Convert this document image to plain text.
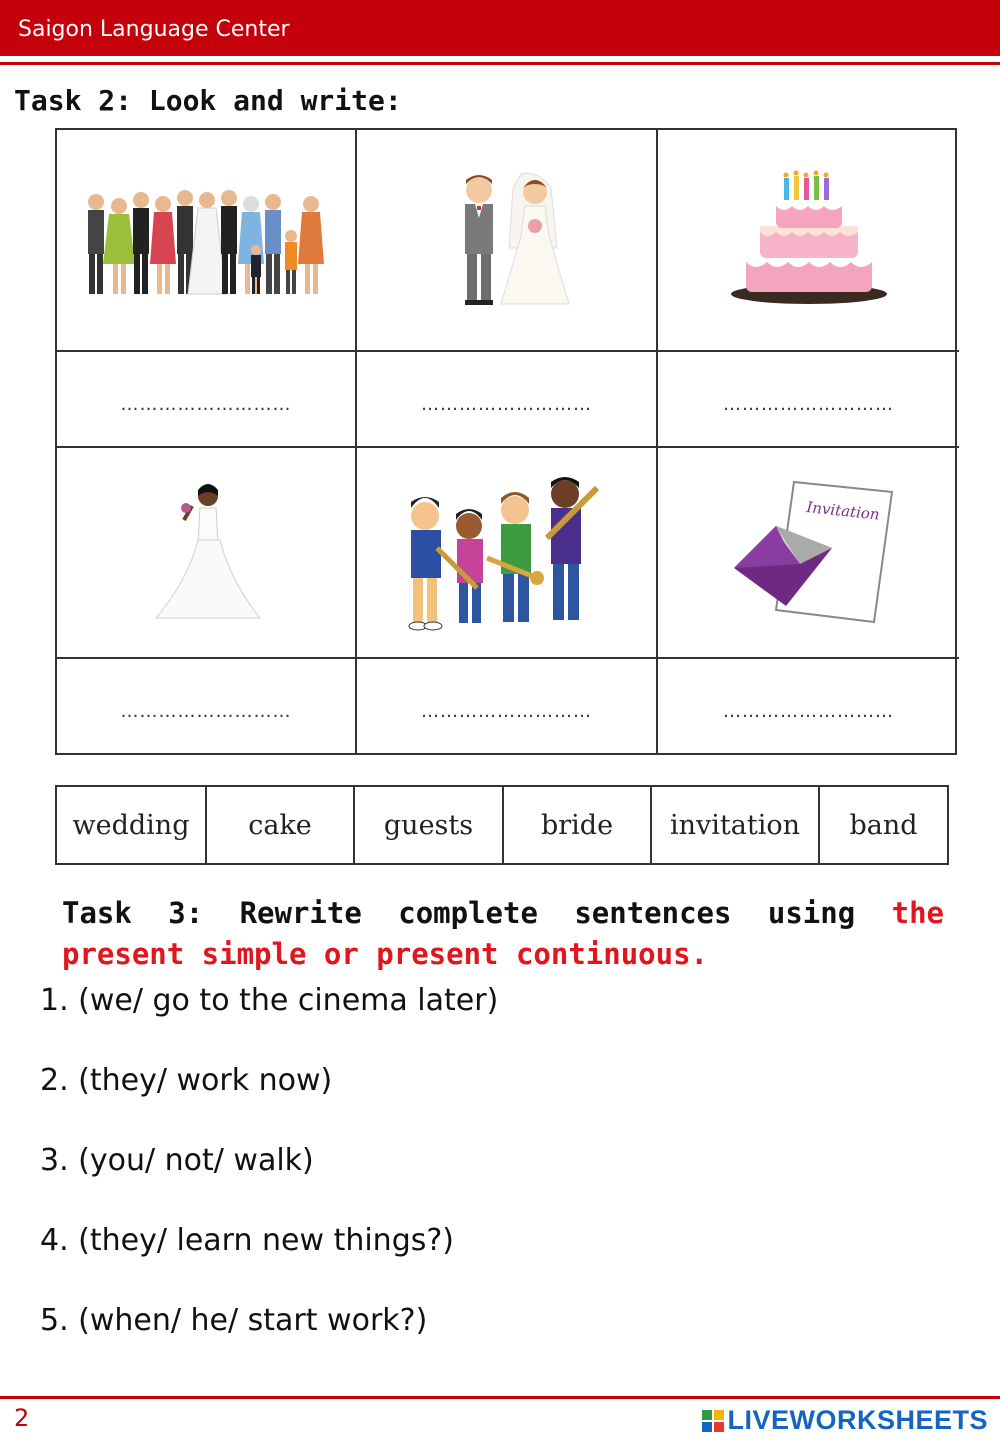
Saigon Language Center
Task 2: Look and write:
………………………	………………………	………………………
Invitation
………………………	………………………	………………………
wedding	cake	guests	bride	invitation	band
Task 3: Rewrite complete sentences using the present simple or present continuous.
1. (we/ go to the cinema later)
2. (they/ work now)
3. (you/ not/ walk)
4. (they/ learn new things?)
5. (when/ he/ start work?)
2	LIVEWORKSHEETS
